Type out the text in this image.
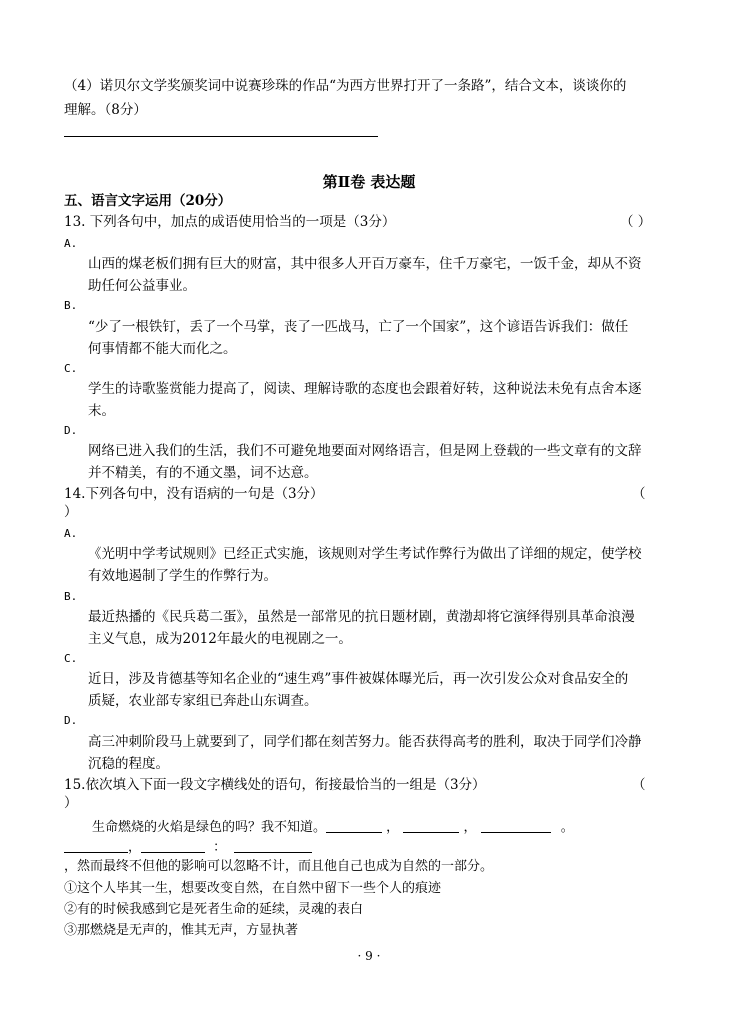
（4）诺贝尔文学奖颁奖词中说赛珍珠的作品“为西方世界打开了一条路”，结合文本，谈谈你的
理解。（8分）
第Ⅱ卷 表达题
五、语言文字运用（20分）
13. 下列各句中，加点的成语使用恰当的一项是（3分）	（ ）
A.
山西的煤老板们拥有巨大的财富，其中很多人开百万豪车，住千万豪宅，一饭千金，却从不资
助任何公益事业。
B.
“少了一根铁钉，丢了一个马掌，丧了一匹战马，亡了一个国家”，这个谚语告诉我们：做任
何事情都不能大而化之。
C.
学生的诗歌鉴赏能力提高了，阅读、理解诗歌的态度也会跟着好转，这种说法未免有点舍本逐
末。
D.
网络已进入我们的生活，我们不可避免地要面对网络语言，但是网上登载的一些文章有的文辞
并不精美，有的不通文墨，词不达意。
14.下列各句中，没有语病的一句是（3分）	（
）
A.
《光明中学考试规则》已经正式实施，该规则对学生考试作弊行为做出了详细的规定，使学校
有效地遏制了学生的作弊行为。
B.
最近热播的《民兵葛二蛋》，虽然是一部常见的抗日题材剧，黄渤却将它演绎得别具革命浪漫
主义气息，成为2012年最火的电视剧之一。
C.
近日，涉及肯德基等知名企业的“速生鸡”事件被媒体曝光后，再一次引发公众对食品安全的
质疑，农业部专家组已奔赴山东调查。
D.
高三冲刺阶段马上就要到了，同学们都在刻苦努力。能否获得高考的胜利，取决于同学们冷静
沉稳的程度。
15.依次填入下面一段文字横线处的语句，衔接最恰当的一组是（3分）	（
）
生命燃烧的火焰是绿色的吗？我不知道。	，	，	。
，	：
，然而最终不但他的影响可以忽略不计，而且他自己也成为自然的一部分。
①这个人毕其一生，想要改变自然，在自然中留下一些个人的痕迹
②有的时候我感到它是死者生命的延续，灵魂的表白
③那燃烧是无声的，惟其无声，方显执著
· 9 ·
